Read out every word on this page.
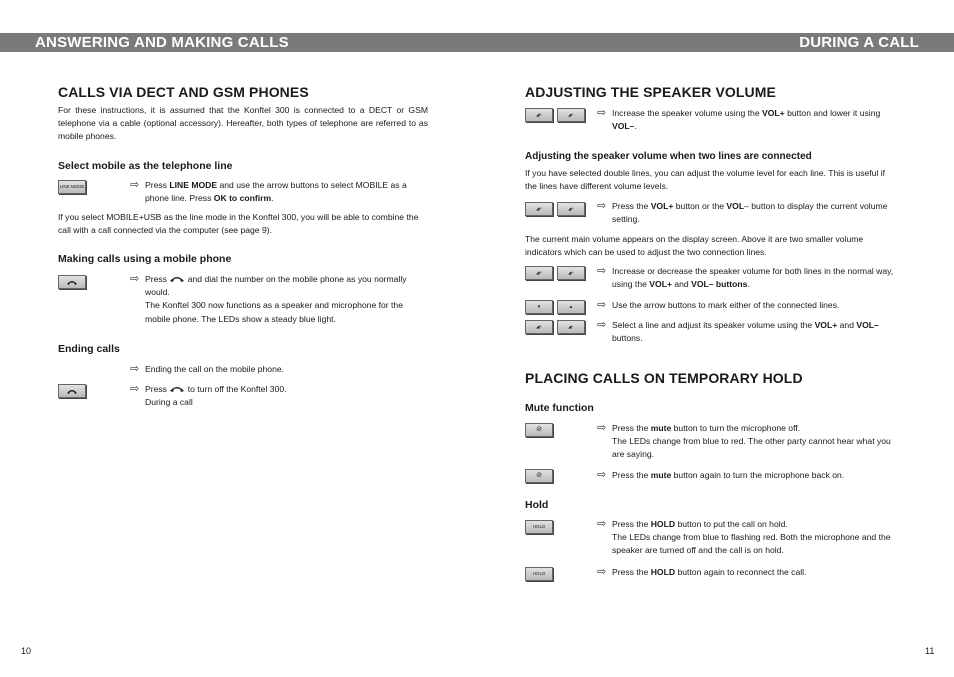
ANSWERING AND MAKING CALLS	DURING A CALL
CALLS VIA DECT AND GSM PHONES
For these instructions, it is assumed that the Konftel 300 is connected to a DECT or GSM telephone via a cable (optional accessory). Hereafter, both types of telephone are referred to as mobile phones.
Select mobile as the telephone line
LINE MODE	⇨ Press LINE MODE and use the arrow buttons to select MOBILE as a phone line. Press OK to confirm.
If you select MOBILE+USB as the line mode in the Konftel 300, you will be able to combine the call with a call connected via the computer (see page 9).
Making calls using a mobile phone
⇨ Press  and dial the number on the mobile phone as you normally would.
The Konftel 300 now functions as a speaker and microphone for the mobile phone. The LEDs show a steady blue light.
Ending calls
⇨ Ending the call on the mobile phone.
⇨ Press  to turn off the Konftel 300.
During a call
10
ADJUSTING THE SPEAKER VOLUME
◢+	◢−	⇨ Increase the speaker volume using the VOL+ button and lower it using VOL–.
Adjusting the speaker volume when two lines are connected
If you have selected double lines, you can adjust the volume level for each line. This is useful if the lines have different volume levels.
◢+	◢−	⇨ Press the VOL+ button or the VOL– button to display the current volume setting.
The current main volume appears on the display screen. Above it are two smaller volume indicators which can be used to adjust the two connection lines.
◢+	◢−	⇨ Increase or decrease the speaker volume for both lines in the normal way, using the VOL+ and VOL– buttons.
▼	▲	⇨ Use the arrow buttons to mark either of the connected lines.
◢+	◢−	⇨ Select a line and adjust its speaker volume using the VOL+ and VOL– buttons.
PLACING CALLS ON TEMPORARY HOLD
Mute function
⊘	⇨ Press the mute button to turn the microphone off.
The LEDs change from blue to red. The other party cannot hear what you are saying.
⊘	⇨ Press the mute button again to turn the microphone back on.
Hold
HOLD	⇨ Press the HOLD button to put the call on hold.
The LEDs change from blue to flashing red. Both the microphone and the speaker are turned off and the call is on hold.
HOLD	⇨ Press the HOLD button again to reconnect the call.
11
